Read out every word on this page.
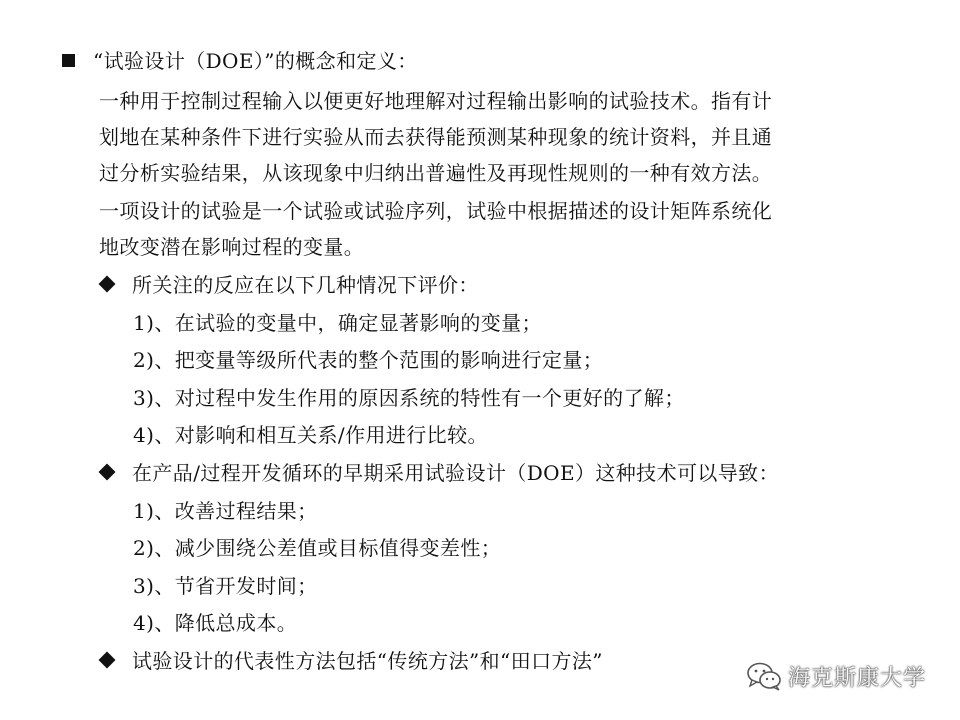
“试验设计（DOE）”的概念和定义：
一种用于控制过程输入以便更好地理解对过程输出影响的试验技术。指有计
划地在某种条件下进行实验从而去获得能预测某种现象的统计资料，并且通
过分析实验结果，从该现象中归纳出普遍性及再现性规则的一种有效方法。
一项设计的试验是一个试验或试验序列，试验中根据描述的设计矩阵系统化
地改变潜在影响过程的变量。
所关注的反应在以下几种情况下评价：
1)、在试验的变量中，确定显著影响的变量；
2)、把变量等级所代表的整个范围的影响进行定量；
3)、对过程中发生作用的原因系统的特性有一个更好的了解；
4)、对影响和相互关系/作用进行比较。
在产品/过程开发循环的早期采用试验设计（DOE）这种技术可以导致：
1)、改善过程结果；
2)、减少围绕公差值或目标值得变差性；
3)、节省开发时间；
4)、降低总成本。
试验设计的代表性方法包括“传统方法”和“田口方法”
海克斯康大学
